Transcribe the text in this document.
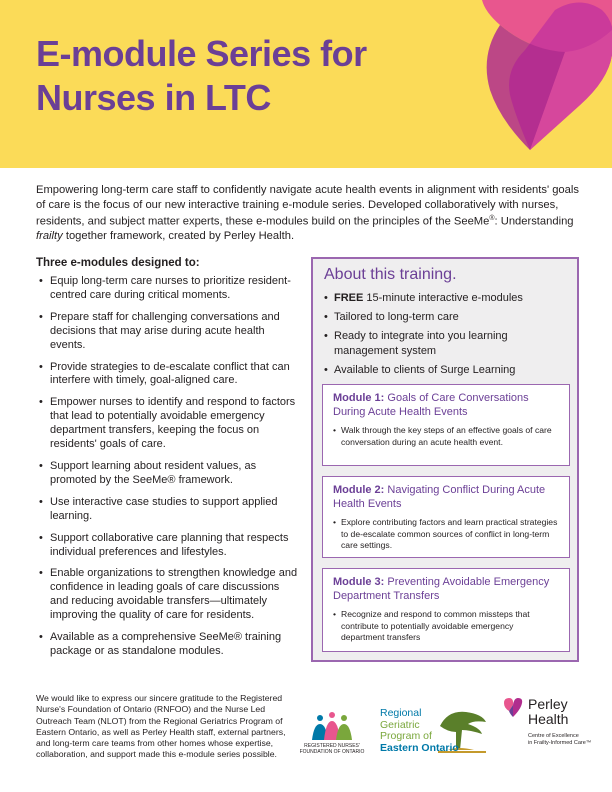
E-module Series for
Nurses in LTC

Empowering long-term care staff to confidently navigate acute health events in alignment with residents' goals of care is the focus of our new interactive training e-module series. Developed collaboratively with nurses, residents, and subject matter experts, these e-modules build on the principles of the SeeMe®: Understanding frailty together framework, created by Perley Health.

Three e-modules designed to:
• Equip long-term care nurses to prioritize resident-centred care during critical moments.
• Prepare staff for challenging conversations and decisions that may arise during acute health events.
• Provide strategies to de-escalate conflict that can interfere with timely, goal-aligned care.
• Empower nurses to identify and respond to factors that lead to potentially avoidable emergency department transfers, keeping the focus on residents' goals of care.
• Support learning about resident values, as promoted by the SeeMe® framework.
• Use interactive case studies to support applied learning.
• Support collaborative care planning that respects individual preferences and lifestyles.
• Enable organizations to strengthen knowledge and confidence in leading goals of care discussions and reducing avoidable transfers—ultimately improving the quality of care for residents.
• Available as a comprehensive SeeMe® training package or as standalone modules.
About this training.
• FREE 15-minute interactive e-modules
• Tailored to long-term care
• Ready to integrate into you learning management system
• Available to clients of Surge Learning
Module 1: Goals of Care Conversations During Acute Health Events
• Walk through the key steps of an effective goals of care conversation during an acute health event.
Module 2: Navigating Conflict During Acute Health Events
• Explore contributing factors and learn practical strategies to de-escalate common sources of conflict in long-term care settings.
Module 3: Preventing Avoidable Emergency Department Transfers
• Recognize and respond to common missteps that contribute to potentially avoidable emergency department transfers

We would like to express our sincere gratitude to the Registered Nurse's Foundation of Ontario (RNFOO) and the Nurse Led Outreach Team (NLOT) from the Regional Geriatrics Program of Eastern Ontario, as well as Perley Health staff, external partners, and long-term care teams from other homes whose expertise, collaboration, and support made this e-module series possible.

REGISTERED NURSES'
FOUNDATION OF ONTARIO
Regional
Geriatric
Program of
Eastern Ontario
Perley
Health
Centre of Excellence
in Frailty-Informed Care™
